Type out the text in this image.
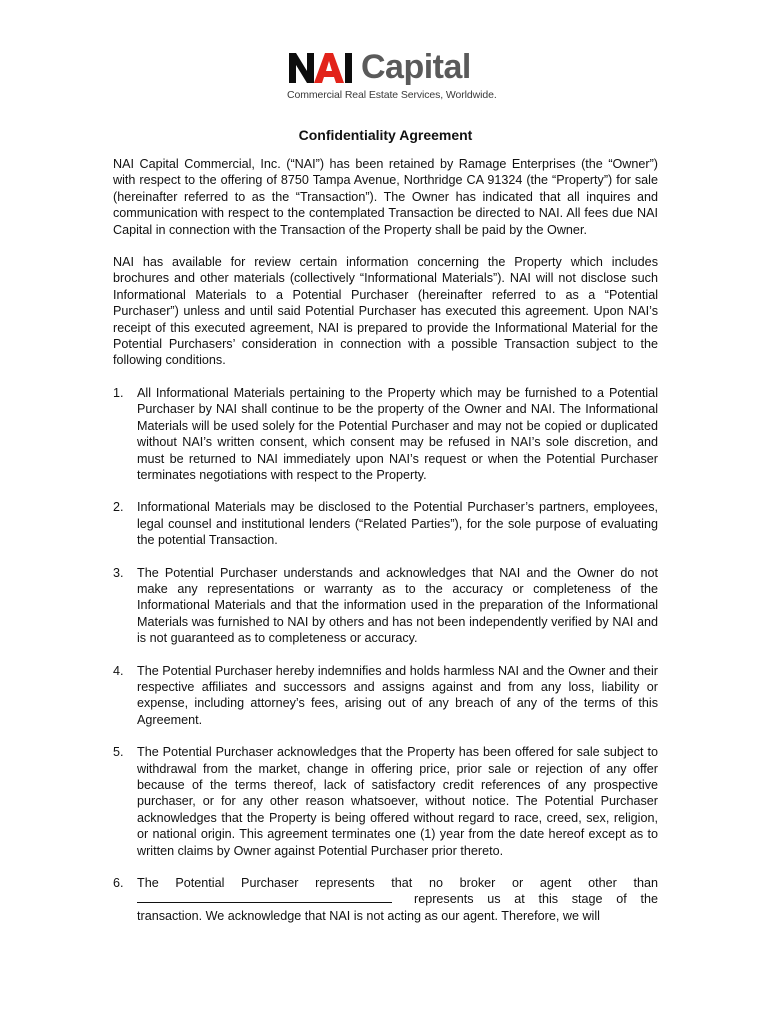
Capital
Commercial Real Estate Services, Worldwide.
Confidentiality Agreement

NAI Capital Commercial, Inc. (“NAI”) has been retained by Ramage Enterprises (the “Owner”) with respect to the offering of 8750 Tampa Avenue, Northridge CA 91324 (the “Property”) for sale (hereinafter referred to as the “Transaction”). The Owner has indicated that all inquires and communication with respect to the contemplated Transaction be directed to NAI. All fees due NAI Capital in connection with the Transaction of the Property shall be paid by the Owner.

NAI has available for review certain information concerning the Property which includes brochures and other materials (collectively “Informational Materials”). NAI will not disclose such Informational Materials to a Potential Purchaser (hereinafter referred to as a “Potential Purchaser”) unless and until said Potential Purchaser has executed this agreement. Upon NAI’s receipt of this executed agreement, NAI is prepared to provide the Informational Material for the Potential Purchasers’ consideration in connection with a possible Transaction subject to the following conditions.

1.	All Informational Materials pertaining to the Property which may be furnished to a Potential Purchaser by NAI shall continue to be the property of the Owner and NAI. The Informational Materials will be used solely for the Potential Purchaser and may not be copied or duplicated without NAI’s written consent, which consent may be refused in NAI’s sole discretion, and must be returned to NAI immediately upon NAI’s request or when the Potential Purchaser terminates negotiations with respect to the Property.
2.	Informational Materials may be disclosed to the Potential Purchaser’s partners, employees, legal counsel and institutional lenders (“Related Parties”), for the sole purpose of evaluating the potential Transaction.
3.	The Potential Purchaser understands and acknowledges that NAI and the Owner do not make any representations or warranty as to the accuracy or completeness of the Informational Materials and that the information used in the preparation of the Informational Materials was furnished to NAI by others and has not been independently verified by NAI and is not guaranteed as to completeness or accuracy.
4.	The Potential Purchaser hereby indemnifies and holds harmless NAI and the Owner and their respective affiliates and successors and assigns against and from any loss, liability or expense, including attorney’s fees, arising out of any breach of any of the terms of this Agreement.
5.	The Potential Purchaser acknowledges that the Property has been offered for sale subject to withdrawal from the market, change in offering price, prior sale or rejection of any offer because of the terms thereof, lack of satisfactory credit references of any prospective purchaser, or for any other reason whatsoever, without notice. The Potential Purchaser acknowledges that the Property is being offered without regard to race, creed, sex, religion, or national origin. This agreement terminates one (1) year from the date hereof except as to written claims by Owner against Potential Purchaser prior thereto.
6.	The Potential Purchaser represents that no broker or agent other than represents us at this stage of the transaction. We acknowledge that NAI is not acting as our agent. Therefore, we will
